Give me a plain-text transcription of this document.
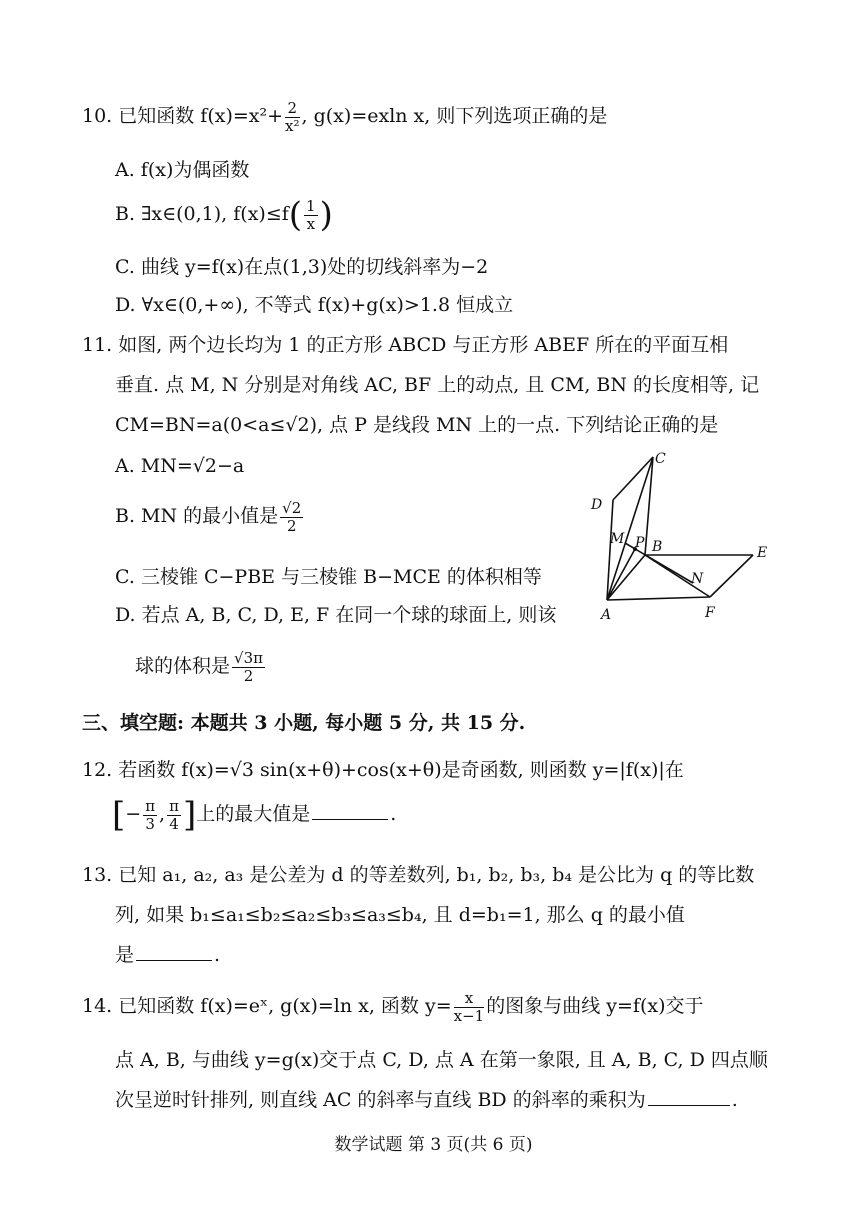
10. 已知函数 $f(x)=x^2+ \frac{2}{\text{x²}}$ , g(x)=exln x, 则下列选项正确的是
A. f(x)为偶函数
B. ∃x∈(0,1), $f(x)\le f( \frac{1}{x}$ )
C. 曲线 y=f(x)在点(1,3)处的切线斜率为−2
D. ∀x∈(0,+∞), 不等式 f(x)+g(x)>1.8 恒成立
11. 如图, 两个边长均为 1 的正方形 ABCD 与正方形 ABEF 所在的平面互相
垂直. 点 M, N 分别是对角线 AC, BF 上的动点, 且 CM, BN 的长度相等, 记
CM=BN=a(0<a≤√2), 点 P 是线段 MN 上的一点. 下列结论正确的是
A. MN=√2−a
B. MN 的最小值是 $\frac{√2}{2}$
C. 三棱锥 C−PBE 与三棱锥 B−MCE 的体积相等
D. 若点 A, B, C, D, E, F 在同一个球的球面上, 则该
球的体积是 $\frac{√3\pi}{2}$
C
D
M P B	E
N
A	F
三、填空题: 本题共 3 小题, 每小题 5 分, 共 15 分.
12. 若函数 f(x)=√3 sin(x+θ)+cos(x+θ)是奇函数, 则函数 y=|f(x)|在
[− $\frac{\pi}{3}$ , $\frac{\pi}{4}$ ]上的最大值是	.
13. 已知 a₁, a₂, a₃ 是公差为 d 的等差数列, b₁, b₂, b₃, b₄ 是公比为 q 的等比数
列, 如果 b₁≤a₁≤b₂≤a₂≤b₃≤a₃≤b₄, 且 d=b₁=1, 那么 q 的最小值
是	.
14. 已知函数 f(x)=eˣ, g(x)=ln x, 函数 $y= \frac{x}{x-1}$ 的图象与曲线 y=f(x)交于
点 A, B, 与曲线 y=g(x)交于点 C, D, 点 A 在第一象限, 且 A, B, C, D 四点顺
次呈逆时针排列, 则直线 AC 的斜率与直线 BD 的斜率的乘积为	.
数学试题 第 3 页(共 6 页)
